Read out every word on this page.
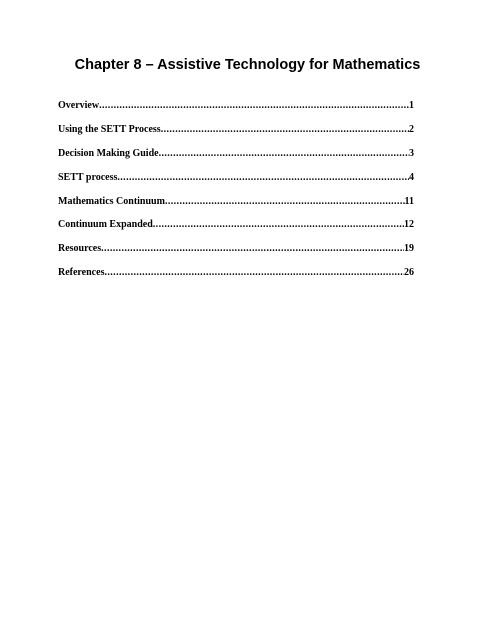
Chapter 8 – Assistive Technology for Mathematics
Overview .....	1
Using the SETT Process .....	2
Decision Making Guide .....	3
SETT process .....	4
Mathematics Continuum .....	11
Continuum Expanded .....	12
Resources .....	19
References .....	26
